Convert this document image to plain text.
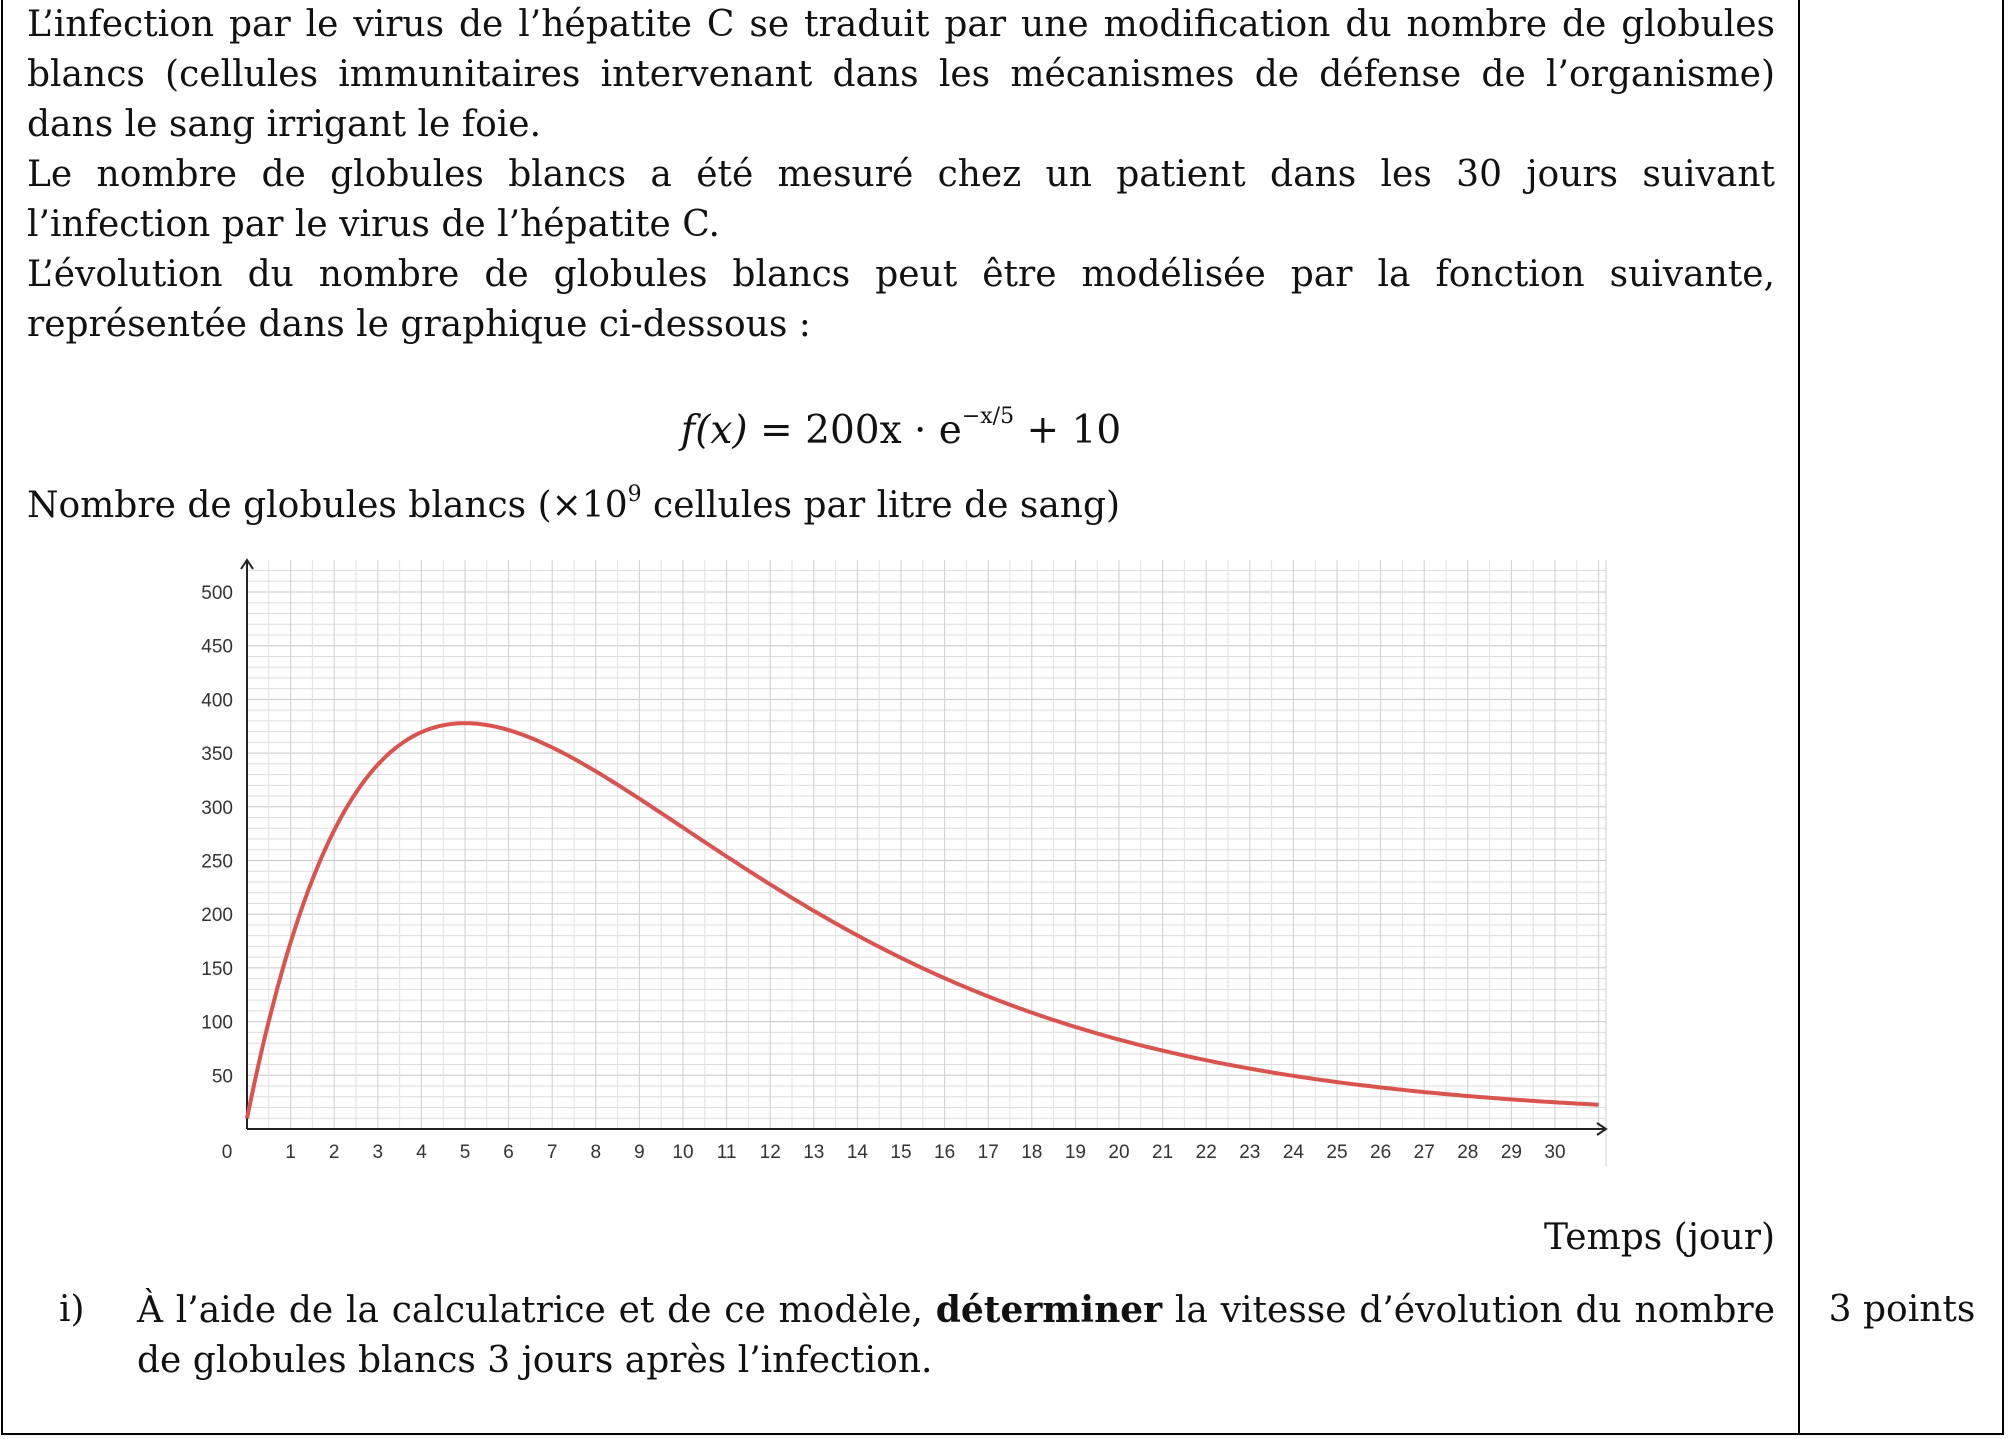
L’infection par le virus de l’hépatite C se traduit par une modification du nombre de globules blancs (cellules immunitaires intervenant dans les mécanismes de défense de l’organisme) dans le sang irrigant le foie.

Le nombre de globules blancs a été mesuré chez un patient dans les 30 jours suivant l’infection par le virus de l’hépatite C.

L’évolution du nombre de globules blancs peut être modélisée par la fonction suivante, représentée dans le graphique ci-dessous :

$f(x) = 200x \cdot e^{-x/5} + 10$
Nombre de globules blancs ($\times 10^9$ cellules par litre de sang)
Temps (jour)
i) À l’aide de la calculatrice et de ce modèle, déterminer la vitesse d’évolution du nombre de globules blancs 3 jours après l’infection.
3 points
50
100
150
200
250
300
350
400
450
500
0	1 2 3 4 5 6 7 8 9 10 11 12 13 14 15 16 17 18 19 20 21 22 23 24 25 26 27 28 29 30
